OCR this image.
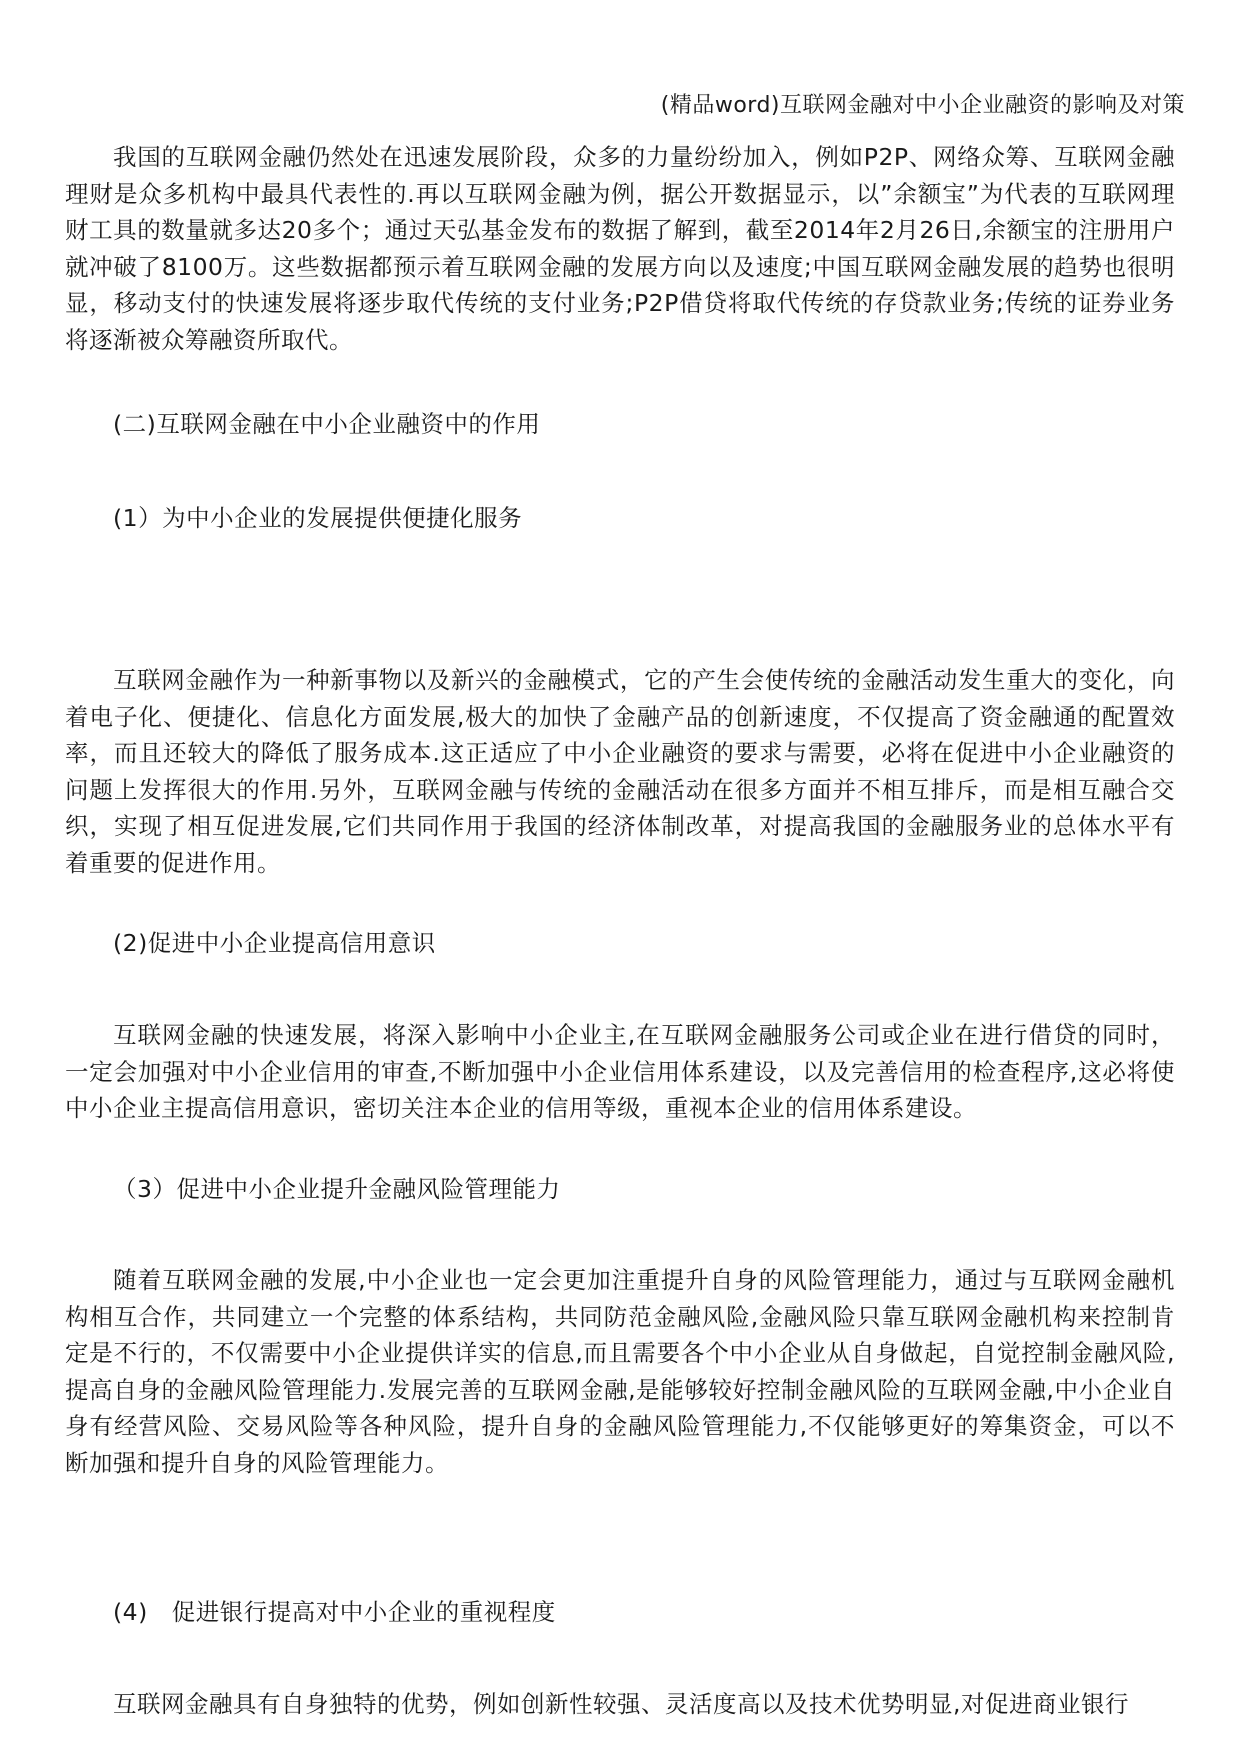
(精品word)互联网金融对中小企业融资的影响及对策

我国的互联网金融仍然处在迅速发展阶段，众多的力量纷纷加入，例如P2P、网络众筹、互联网金融理财是众多机构中最具代表性的.再以互联网金融为例，据公开数据显示，以”余额宝”为代表的互联网理财工具的数量就多达20多个；通过天弘基金发布的数据了解到，截至2014年2月26日,余额宝的注册用户就冲破了8100万。这些数据都预示着互联网金融的发展方向以及速度;中国互联网金融发展的趋势也很明显，移动支付的快速发展将逐步取代传统的支付业务;P2P借贷将取代传统的存贷款业务;传统的证券业务将逐渐被众筹融资所取代。

(二)互联网金融在中小企业融资中的作用

(1）为中小企业的发展提供便捷化服务

互联网金融作为一种新事物以及新兴的金融模式，它的产生会使传统的金融活动发生重大的变化，向着电子化、便捷化、信息化方面发展,极大的加快了金融产品的创新速度，不仅提高了资金融通的配置效率，而且还较大的降低了服务成本.这正适应了中小企业融资的要求与需要，必将在促进中小企业融资的问题上发挥很大的作用.另外，互联网金融与传统的金融活动在很多方面并不相互排斥，而是相互融合交织，实现了相互促进发展,它们共同作用于我国的经济体制改革，对提高我国的金融服务业的总体水平有着重要的促进作用。

(2)促进中小企业提高信用意识

互联网金融的快速发展，将深入影响中小企业主,在互联网金融服务公司或企业在进行借贷的同时，一定会加强对中小企业信用的审查,不断加强中小企业信用体系建设，以及完善信用的检查程序,这必将使中小企业主提高信用意识，密切关注本企业的信用等级，重视本企业的信用体系建设。

（3）促进中小企业提升金融风险管理能力

随着互联网金融的发展,中小企业也一定会更加注重提升自身的风险管理能力，通过与互联网金融机构相互合作，共同建立一个完整的体系结构，共同防范金融风险,金融风险只靠互联网金融机构来控制肯定是不行的，不仅需要中小企业提供详实的信息,而且需要各个中小企业从自身做起，自觉控制金融风险,提高自身的金融风险管理能力.发展完善的互联网金融,是能够较好控制金融风险的互联网金融,中小企业自身有经营风险、交易风险等各种风险，提升自身的金融风险管理能力,不仅能够更好的筹集资金，可以不断加强和提升自身的风险管理能力。

(4)　促进银行提高对中小企业的重视程度

互联网金融具有自身独特的优势，例如创新性较强、灵活度高以及技术优势明显,对促进商业银行
